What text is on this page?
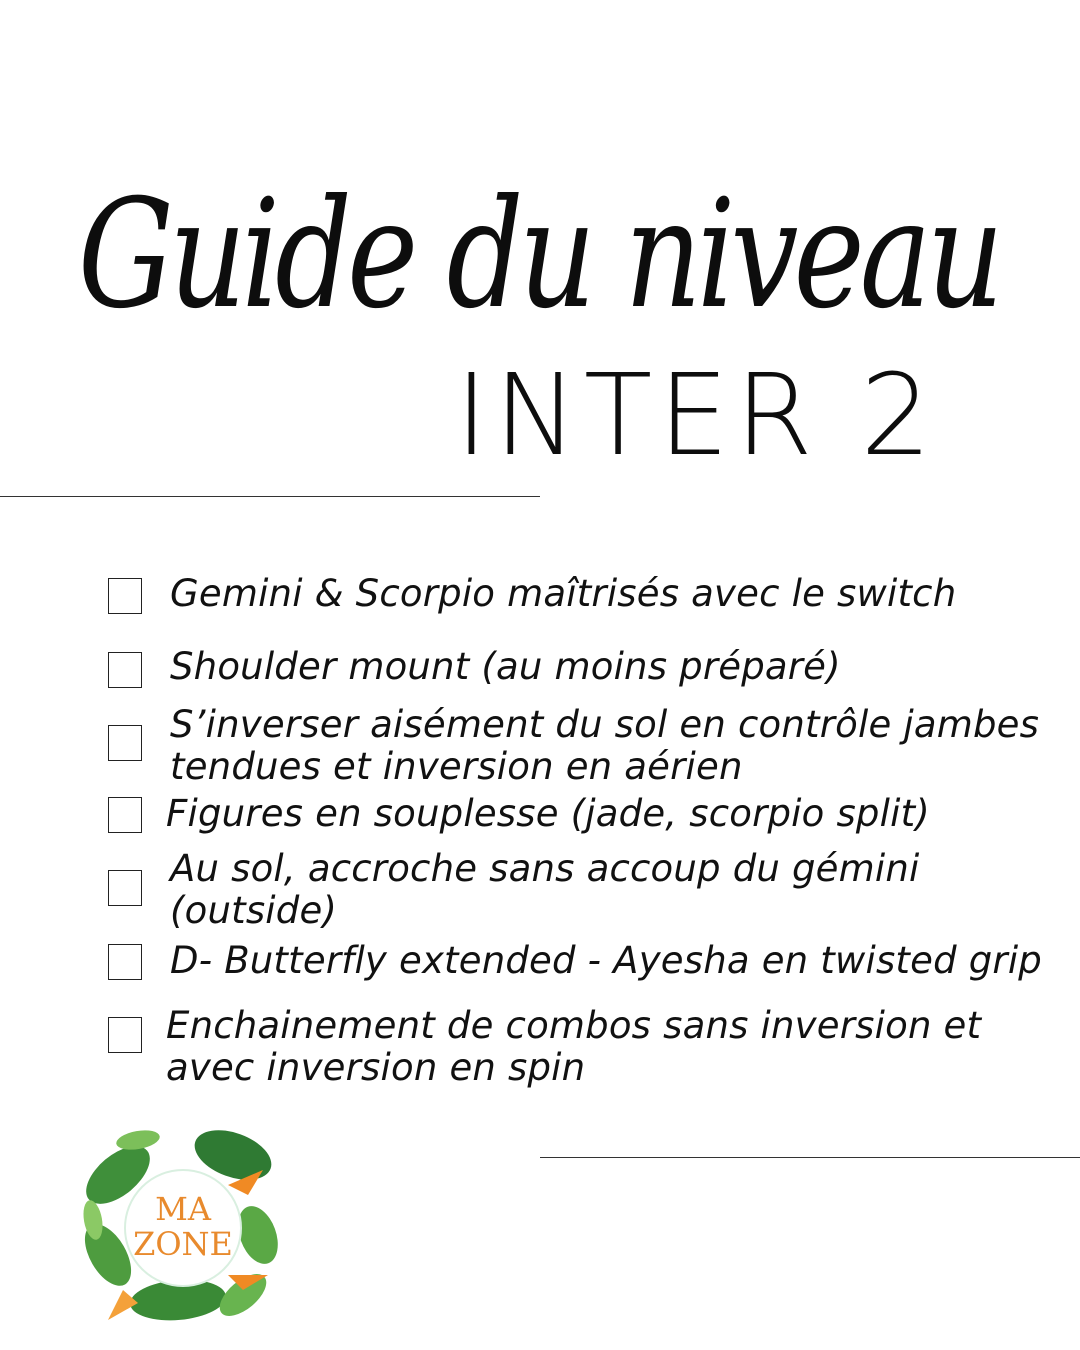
Guide du niveau
INTER 2
Gemini & Scorpio maîtrisés avec le switch
Shoulder mount (au moins préparé)
S’inverser aisément du sol en contrôle jambes
tendues et inversion en aérien
Figures en souplesse (jade, scorpio split)
Au sol, accroche sans accoup du gémini
(outside)
D- Butterfly extended - Ayesha en twisted grip
Enchainement de combos sans inversion et
avec inversion en spin
MA
ZONE
